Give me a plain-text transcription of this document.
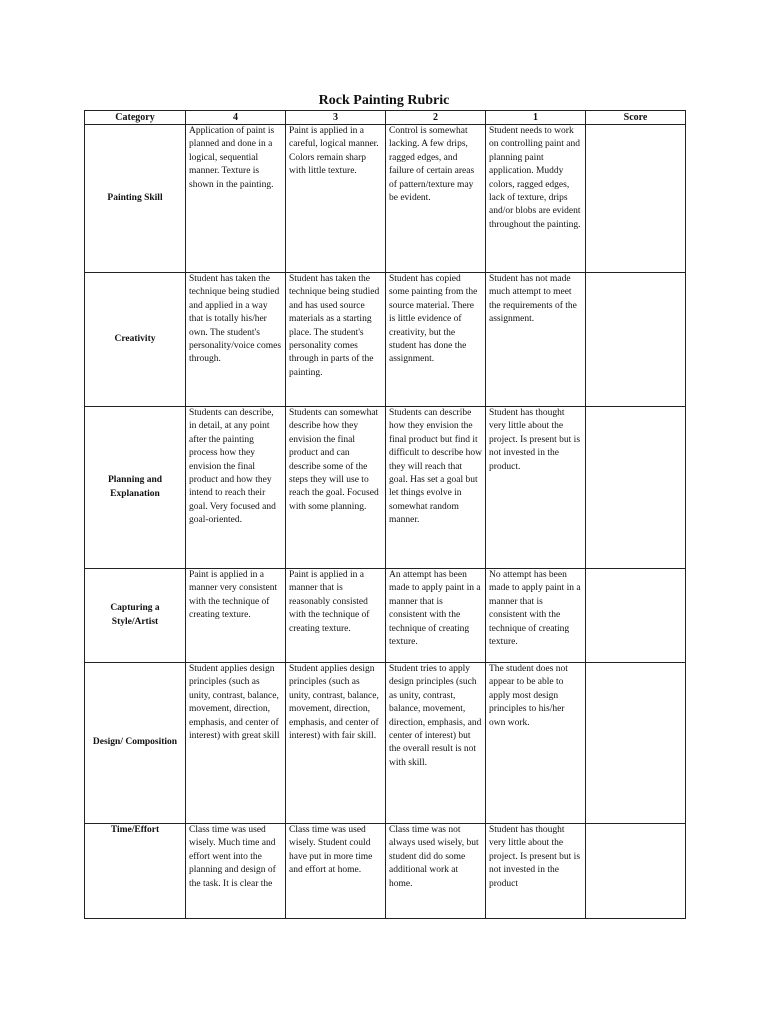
Rock Painting Rubric
Category	4	3	2	1	Score
Painting Skill	Application of paint is planned and done in a logical, sequential manner. Texture is shown in the painting.	Paint is applied in a careful, logical manner. Colors remain sharp with little texture.	Control is somewhat lacking. A few drips, ragged edges, and failure of certain areas of pattern/texture may be evident.	Student needs to work on controlling paint and planning paint application. Muddy colors, ragged edges, lack of texture, drips and/or blobs are evident throughout the painting.	
Creativity	Student has taken the technique being studied and applied in a way that is totally his/her own. The student's personality/voice comes through.	Student has taken the technique being studied and has used source materials as a starting place. The student's personality comes through in parts of the painting.	Student has copied some painting from the source material. There is little evidence of creativity, but the student has done the assignment.	Student has not made much attempt to meet the requirements of the assignment.	
Planning and Explanation	Students can describe, in detail, at any point after the painting process how they envision the final product and how they intend to reach their goal. Very focused and goal-oriented.	Students can somewhat describe how they envision the final product and can describe some of the steps they will use to reach the goal. Focused with some planning.	Students can describe how they envision the final product but find it difficult to describe how they will reach that goal. Has set a goal but let things evolve in somewhat random manner.	Student has thought very little about the project. Is present but is not invested in the product.	
Capturing a Style/Artist	Paint is applied in a manner very consistent with the technique of creating texture.	Paint is applied in a manner that is reasonably consisted with the technique of creating texture.	An attempt has been made to apply paint in a manner that is consistent with the technique of creating texture.	No attempt has been made to apply paint in a manner that is consistent with the technique of creating texture.	
Design/ Composition	Student applies design principles (such as unity, contrast, balance, movement, direction, emphasis, and center of interest) with great skill	Student applies design principles (such as unity, contrast, balance, movement, direction, emphasis, and center of interest) with fair skill.	Student tries to apply design principles (such as unity, contrast, balance, movement, direction, emphasis, and center of interest) but the overall result is not with skill.	The student does not appear to be able to apply most design principles to his/her own work.	
Time/Effort	Class time was used wisely. Much time and effort went into the planning and design of the task. It is clear the	Class time was used wisely. Student could have put in more time and effort at home.	Class time was not always used wisely, but student did do some additional work at home.	Student has thought very little about the project. Is present but is not invested in the product	
